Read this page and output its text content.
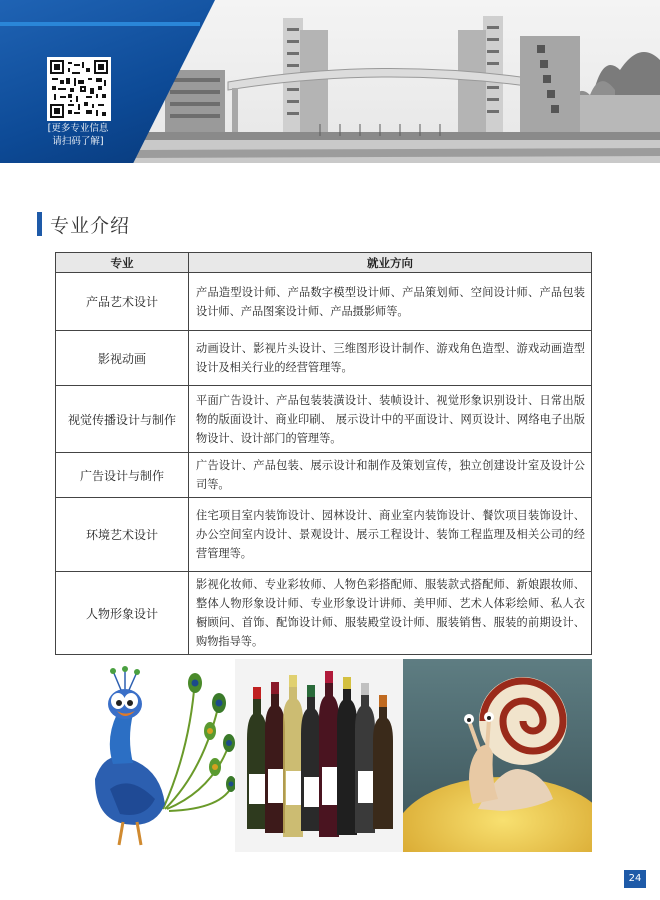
[更多专业信息
请扫码了解]
专业介绍
专业	就业方向
产品艺术设计	产品造型设计师、产品数字模型设计师、产品策划师、空间设计师、产品包装设计师、产品图案设计师、产品摄影师等。
影视动画	动画设计、影视片头设计、三维图形设计制作、游戏角色造型、游戏动画造型设计及相关行业的经营管理等。
视觉传播设计与制作	平面广告设计、产品包装装潢设计、装帧设计、视觉形象识别设计、日常出版物的版面设计、商业印刷、 展示设计中的平面设计、网页设计、网络电子出版物设计、设计部门的管理等。
广告设计与制作	广告设计、产品包装、展示设计和制作及策划宣传，独立创建设计室及设计公司等。
环境艺术设计	住宅项目室内装饰设计、园林设计、商业室内装饰设计、餐饮项目装饰设计、办公空间室内设计、景观设计、展示工程设计、装饰工程监理及相关公司的经营管理等。
人物形象设计	影视化妆师、专业彩妆师、人物色彩搭配师、服装款式搭配师、新娘跟妆师、整体人物形象设计师、专业形象设计讲师、美甲师、艺术人体彩绘师、私人衣橱顾问、首饰、配饰设计师、服装殿堂设计师、服装销售、服装的前期设计、购物指导等。
24
